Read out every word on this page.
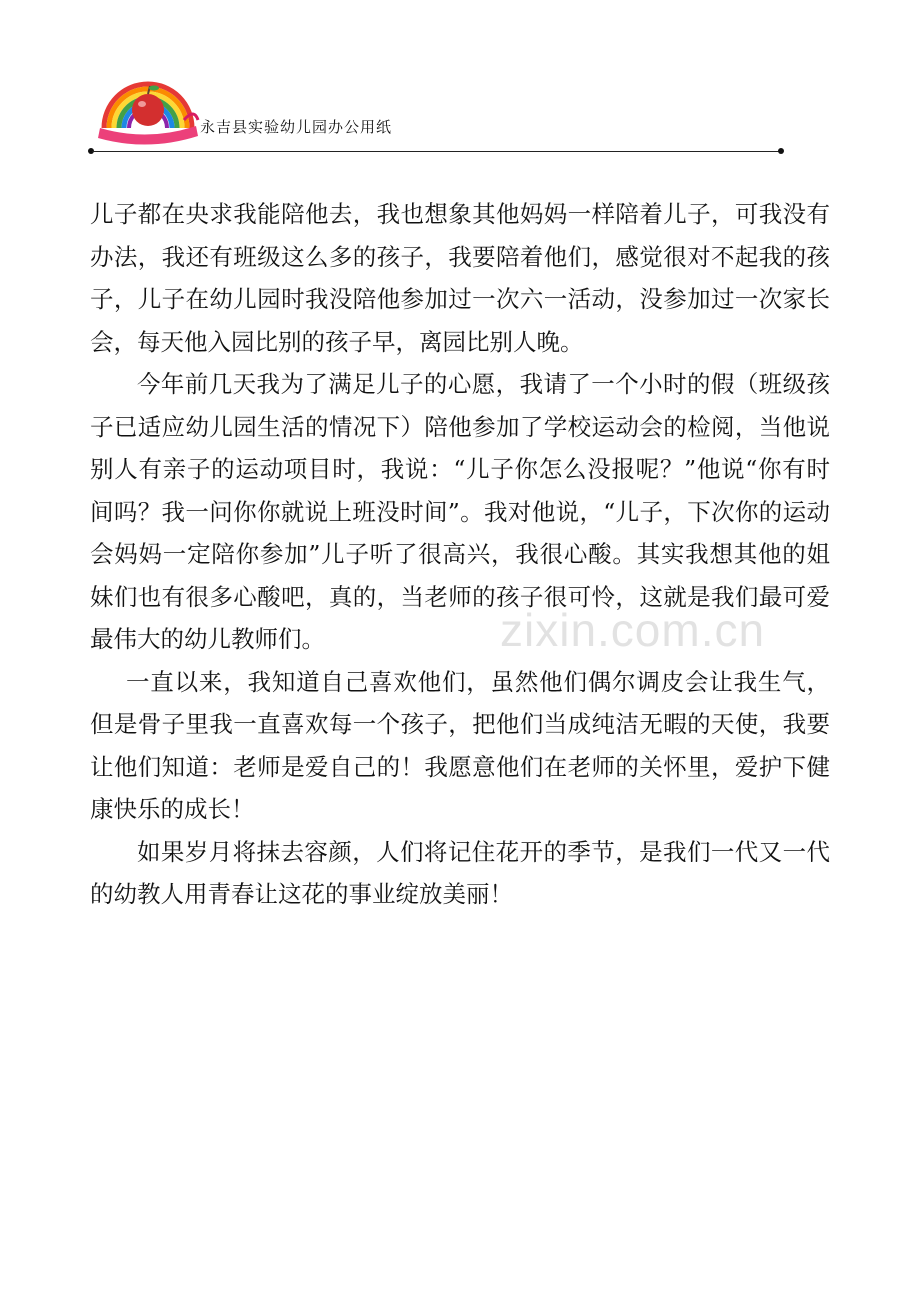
永吉县实验幼儿园办公用纸

儿子都在央求我能陪他去，我也想象其他妈妈一样陪着儿子，可我没有办法，我还有班级这么多的孩子，我要陪着他们，感觉很对不起我的孩子，儿子在幼儿园时我没陪他参加过一次六一活动，没参加过一次家长会，每天他入园比别的孩子早，离园比别人晚。

今年前几天我为了满足儿子的心愿，我请了一个小时的假（班级孩子已适应幼儿园生活的情况下）陪他参加了学校运动会的检阅，当他说别人有亲子的运动项目时，我说：“儿子你怎么没报呢？”他说“你有时间吗？我一问你你就说上班没时间”。我对他说，“儿子，下次你的运动会妈妈一定陪你参加”儿子听了很高兴，我很心酸。其实我想其他的姐妹们也有很多心酸吧，真的，当老师的孩子很可怜，这就是我们最可爱最伟大的幼儿教师们。

一直以来，我知道自己喜欢他们，虽然他们偶尔调皮会让我生气，但是骨子里我一直喜欢每一个孩子，把他们当成纯洁无暇的天使，我要让他们知道：老师是爱自己的！我愿意他们在老师的关怀里，爱护下健康快乐的成长！

如果岁月将抹去容颜，人们将记住花开的季节，是我们一代又一代的幼教人用青春让这花的事业绽放美丽！

zixin.com.cn
